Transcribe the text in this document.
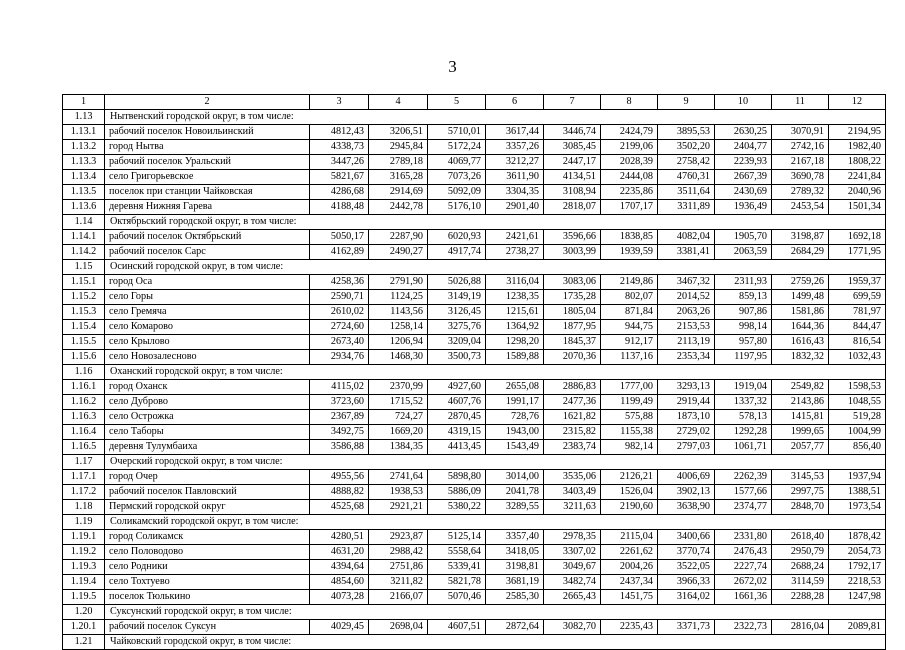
3
1	2	3	4	5	6	7	8	9	10	11	12
1.13	Нытвенский городской округ, в том числе:										
1.13.1	рабочий поселок Новоильинский	4812,43	3206,51	5710,01	3617,44	3446,74	2424,79	3895,53	2630,25	3070,91	2194,95
1.13.2	город Нытва	4338,73	2945,84	5172,24	3357,26	3085,45	2199,06	3502,20	2404,77	2742,16	1982,40
1.13.3	рабочий поселок Уральский	3447,26	2789,18	4069,77	3212,27	2447,17	2028,39	2758,42	2239,93	2167,18	1808,22
1.13.4	село Григорьевское	5821,67	3165,28	7073,26	3611,90	4134,51	2444,08	4760,31	2667,39	3690,78	2241,84
1.13.5	поселок при станции Чайковская	4286,68	2914,69	5092,09	3304,35	3108,94	2235,86	3511,64	2430,69	2789,32	2040,96
1.13.6	деревня Нижняя Гарева	4188,48	2442,78	5176,10	2901,40	2818,07	1707,17	3311,89	1936,49	2453,54	1501,34
1.14	Октябрьский городской округ, в том числе:										
1.14.1	рабочий поселок Октябрьский	5050,17	2287,90	6020,93	2421,61	3596,66	1838,85	4082,04	1905,70	3198,87	1692,18
1.14.2	рабочий поселок Сарс	4162,89	2490,27	4917,74	2738,27	3003,99	1939,59	3381,41	2063,59	2684,29	1771,95
1.15	Осинский городской округ, в том числе:										
1.15.1	город Оса	4258,36	2791,90	5026,88	3116,04	3083,06	2149,86	3467,32	2311,93	2759,26	1959,37
1.15.2	село Горы	2590,71	1124,25	3149,19	1238,35	1735,28	802,07	2014,52	859,13	1499,48	699,59
1.15.3	село Гремяча	2610,02	1143,56	3126,45	1215,61	1805,04	871,84	2063,26	907,86	1581,86	781,97
1.15.4	село Комарово	2724,60	1258,14	3275,76	1364,92	1877,95	944,75	2153,53	998,14	1644,36	844,47
1.15.5	село Крылово	2673,40	1206,94	3209,04	1298,20	1845,37	912,17	2113,19	957,80	1616,43	816,54
1.15.6	село Новозалесново	2934,76	1468,30	3500,73	1589,88	2070,36	1137,16	2353,34	1197,95	1832,32	1032,43
1.16	Оханский городской округ, в том числе:										
1.16.1	город Оханск	4115,02	2370,99	4927,60	2655,08	2886,83	1777,00	3293,13	1919,04	2549,82	1598,53
1.16.2	село Дуброво	3723,60	1715,52	4607,76	1991,17	2477,36	1199,49	2919,44	1337,32	2143,86	1048,55
1.16.3	село Острожка	2367,89	724,27	2870,45	728,76	1621,82	575,88	1873,10	578,13	1415,81	519,28
1.16.4	село Таборы	3492,75	1669,20	4319,15	1943,00	2315,82	1155,38	2729,02	1292,28	1999,65	1004,99
1.16.5	деревня Тулумбаиха	3586,88	1384,35	4413,45	1543,49	2383,74	982,14	2797,03	1061,71	2057,77	856,40
1.17	Очерский городской округ, в том числе:										
1.17.1	город Очер	4955,56	2741,64	5898,80	3014,00	3535,06	2126,21	4006,69	2262,39	3145,53	1937,94
1.17.2	рабочий поселок Павловский	4888,82	1938,53	5886,09	2041,78	3403,49	1526,04	3902,13	1577,66	2997,75	1388,51
1.18	Пермский городской округ	4525,68	2921,21	5380,22	3289,55	3211,63	2190,60	3638,90	2374,77	2848,70	1973,54
1.19	Соликамский городской округ, в том числе:										
1.19.1	город Соликамск	4280,51	2923,87	5125,14	3357,40	2978,35	2115,04	3400,66	2331,80	2618,40	1878,42
1.19.2	село Половодово	4631,20	2988,42	5558,64	3418,05	3307,02	2261,62	3770,74	2476,43	2950,79	2054,73
1.19.3	село Родники	4394,64	2751,86	5339,41	3198,81	3049,67	2004,26	3522,05	2227,74	2688,24	1792,17
1.19.4	село Тохтуево	4854,60	3211,82	5821,78	3681,19	3482,74	2437,34	3966,33	2672,02	3114,59	2218,53
1.19.5	поселок Тюлькино	4073,28	2166,07	5070,46	2585,30	2665,43	1451,75	3164,02	1661,36	2288,28	1247,98
1.20	Суксунский городской округ, в том числе:										
1.20.1	рабочий поселок Суксун	4029,45	2698,04	4607,51	2872,64	3082,70	2235,43	3371,73	2322,73	2816,04	2089,81
1.21	Чайковский городской округ, в том числе:										
